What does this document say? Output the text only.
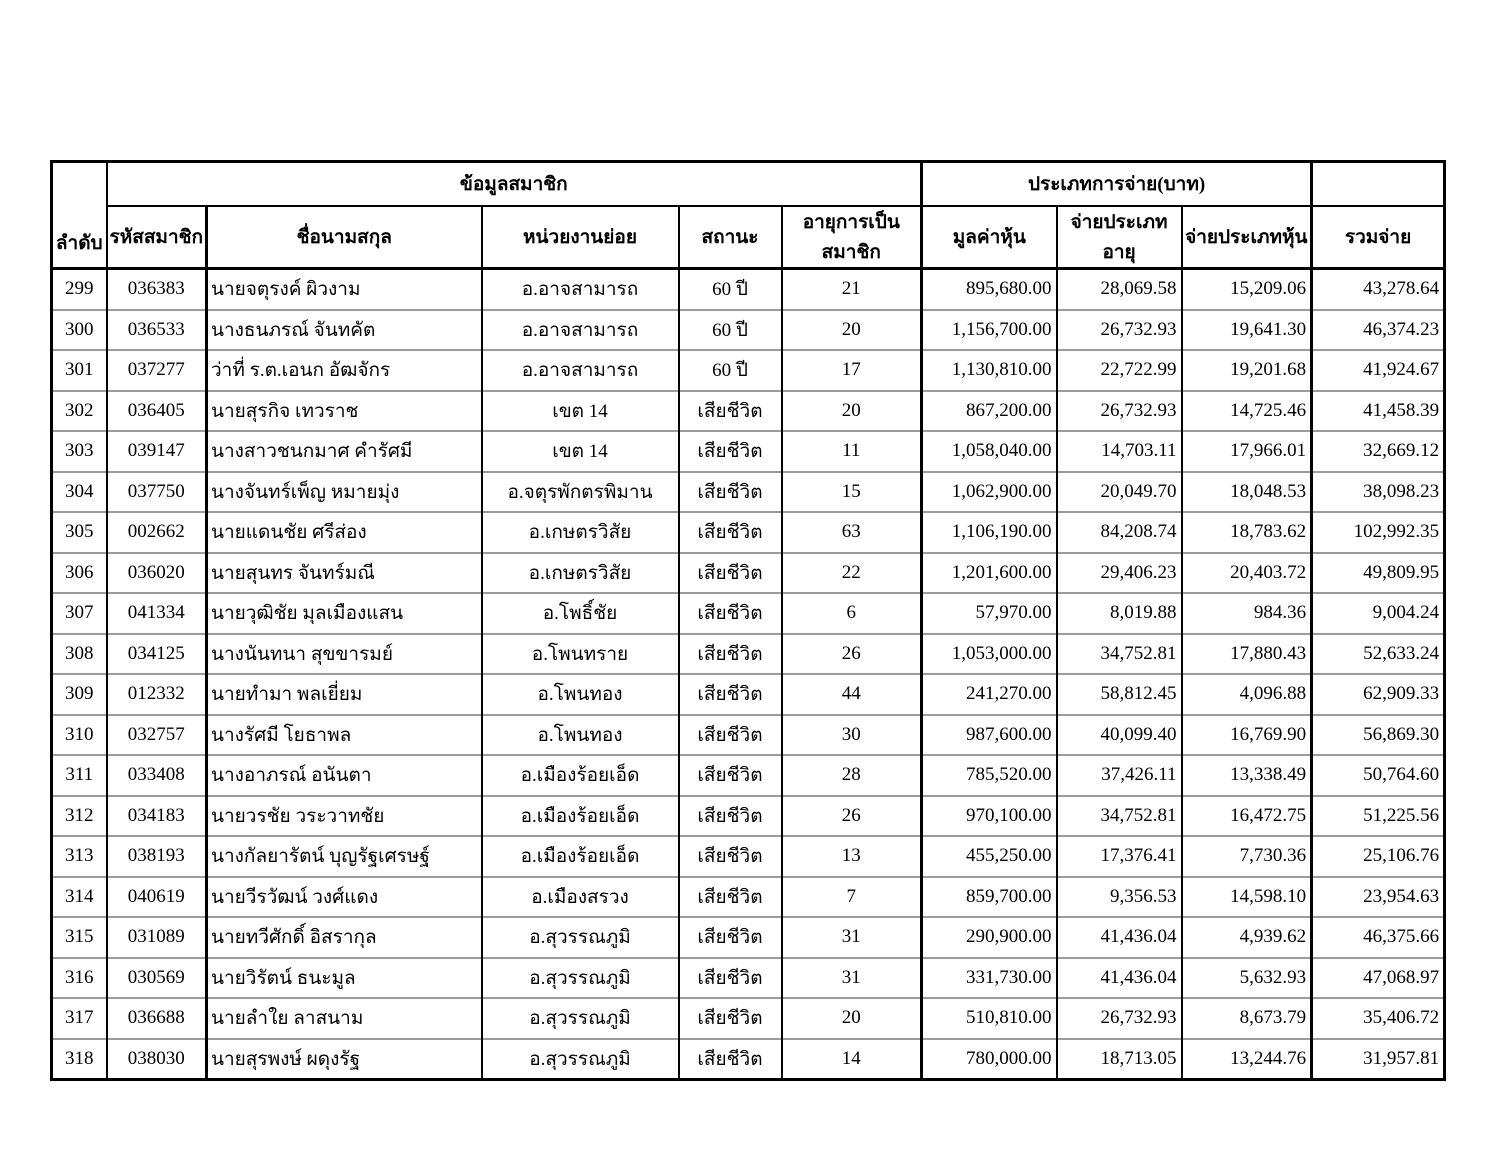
ลำดับ	ข้อมูลสมาชิก					ประเภทการจ่าย(บาท)			
	รหัสสมาชิก	ชื่อนามสกุล	หน่วยงานย่อย	สถานะ	อายุการเป็นสมาชิก	มูลค่าหุ้น	จ่ายประเภทอายุ	จ่ายประเภทหุ้น	รวมจ่าย
299	036383	นายจตุรงค์ ผิวงาม	อ.อาจสามารถ	60 ปี	21	895,680.00	28,069.58	15,209.06	43,278.64
300	036533	นางธนภรณ์ จันทคัต	อ.อาจสามารถ	60 ปี	20	1,156,700.00	26,732.93	19,641.30	46,374.23
301	037277	ว่าที่ ร.ต.เอนก อัฒจักร	อ.อาจสามารถ	60 ปี	17	1,130,810.00	22,722.99	19,201.68	41,924.67
302	036405	นายสุรกิจ เทวราช	เขต 14	เสียชีวิต	20	867,200.00	26,732.93	14,725.46	41,458.39
303	039147	นางสาวชนกมาศ คำรัศมี	เขต 14	เสียชีวิต	11	1,058,040.00	14,703.11	17,966.01	32,669.12
304	037750	นางจันทร์เพ็ญ หมายมุ่ง	อ.จตุรพักตรพิมาน	เสียชีวิต	15	1,062,900.00	20,049.70	18,048.53	38,098.23
305	002662	นายแดนชัย ศรีส่อง	อ.เกษตรวิสัย	เสียชีวิต	63	1,106,190.00	84,208.74	18,783.62	102,992.35
306	036020	นายสุนทร จันทร์มณี	อ.เกษตรวิสัย	เสียชีวิต	22	1,201,600.00	29,406.23	20,403.72	49,809.95
307	041334	นายวุฒิชัย มุลเมืองแสน	อ.โพธิ์ชัย	เสียชีวิต	6	57,970.00	8,019.88	984.36	9,004.24
308	034125	นางนันทนา สุขขารมย์	อ.โพนทราย	เสียชีวิต	26	1,053,000.00	34,752.81	17,880.43	52,633.24
309	012332	นายทำมา พลเยี่ยม	อ.โพนทอง	เสียชีวิต	44	241,270.00	58,812.45	4,096.88	62,909.33
310	032757	นางรัศมี โยธาพล	อ.โพนทอง	เสียชีวิต	30	987,600.00	40,099.40	16,769.90	56,869.30
311	033408	นางอาภรณ์ อนันตา	อ.เมืองร้อยเอ็ด	เสียชีวิต	28	785,520.00	37,426.11	13,338.49	50,764.60
312	034183	นายวรชัย วระวาทชัย	อ.เมืองร้อยเอ็ด	เสียชีวิต	26	970,100.00	34,752.81	16,472.75	51,225.56
313	038193	นางกัลยารัตน์ บุญรัฐเศรษฐ์	อ.เมืองร้อยเอ็ด	เสียชีวิต	13	455,250.00	17,376.41	7,730.36	25,106.76
314	040619	นายวีรวัฒน์ วงศ์แดง	อ.เมืองสรวง	เสียชีวิต	7	859,700.00	9,356.53	14,598.10	23,954.63
315	031089	นายทวีศักดิ์ อิสรากุล	อ.สุวรรณภูมิ	เสียชีวิต	31	290,900.00	41,436.04	4,939.62	46,375.66
316	030569	นายวิรัตน์ ธนะมูล	อ.สุวรรณภูมิ	เสียชีวิต	31	331,730.00	41,436.04	5,632.93	47,068.97
317	036688	นายลำใย ลาสนาม	อ.สุวรรณภูมิ	เสียชีวิต	20	510,810.00	26,732.93	8,673.79	35,406.72
318	038030	นายสุรพงษ์ ผดุงรัฐ	อ.สุวรรณภูมิ	เสียชีวิต	14	780,000.00	18,713.05	13,244.76	31,957.81
